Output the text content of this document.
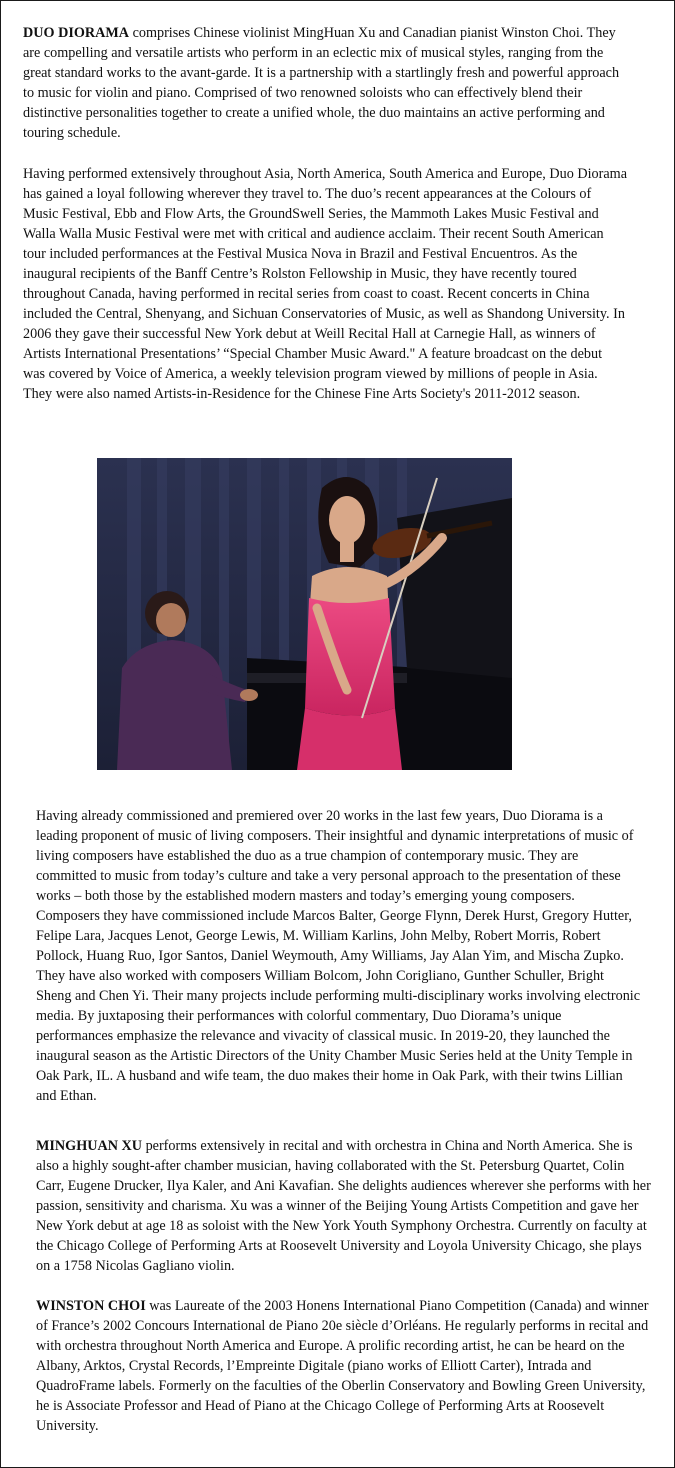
DUO DIORAMA comprises Chinese violinist MingHuan Xu and Canadian pianist Winston Choi. They are compelling and versatile artists who perform in an eclectic mix of musical styles, ranging from the great standard works to the avant-garde. It is a partnership with a startlingly fresh and powerful approach to music for violin and piano. Comprised of two renowned soloists who can effectively blend their distinctive personalities together to create a unified whole, the duo maintains an active performing and touring schedule.

Having performed extensively throughout Asia, North America, South America and Europe, Duo Diorama has gained a loyal following wherever they travel to. The duo’s recent appearances at the Colours of Music Festival, Ebb and Flow Arts, the GroundSwell Series, the Mammoth Lakes Music Festival and Walla Walla Music Festival were met with critical and audience acclaim. Their recent South American tour included performances at the Festival Musica Nova in Brazil and Festival Encuentros. As the inaugural recipients of the Banff Centre’s Rolston Fellowship in Music, they have recently toured throughout Canada, having performed in recital series from coast to coast. Recent concerts in China included the Central, Shenyang, and Sichuan Conservatories of Music, as well as Shandong University. In 2006 they gave their successful New York debut at Weill Recital Hall at Carnegie Hall, as winners of Artists International Presentations’ “Special Chamber Music Award." A feature broadcast on the debut was covered by Voice of America, a weekly television program viewed by millions of people in Asia. They were also named Artists-in-Residence for the Chinese Fine Arts Society's 2011-2012 season.

Having already commissioned and premiered over 20 works in the last few years, Duo Diorama is a leading proponent of music of living composers. Their insightful and dynamic interpretations of music of living composers have established the duo as a true champion of contemporary music. They are committed to music from today’s culture and take a very personal approach to the presentation of these works – both those by the established modern masters and today’s emerging young composers. Composers they have commissioned include Marcos Balter, George Flynn, Derek Hurst, Gregory Hutter, Felipe Lara, Jacques Lenot, George Lewis, M. William Karlins, John Melby, Robert Morris, Robert Pollock, Huang Ruo, Igor Santos, Daniel Weymouth, Amy Williams, Jay Alan Yim, and Mischa Zupko. They have also worked with composers William Bolcom, John Corigliano, Gunther Schuller, Bright Sheng and Chen Yi. Their many projects include performing multi-disciplinary works involving electronic media. By juxtaposing their performances with colorful commentary, Duo Diorama’s unique performances emphasize the relevance and vivacity of classical music. In 2019-20, they launched the inaugural season as the Artistic Directors of the Unity Chamber Music Series held at the Unity Temple in Oak Park, IL. A husband and wife team, the duo makes their home in Oak Park, with their twins Lillian and Ethan.

MINGHUAN XU performs extensively in recital and with orchestra in China and North America. She is also a highly sought-after chamber musician, having collaborated with the St. Petersburg Quartet, Colin Carr, Eugene Drucker, Ilya Kaler, and Ani Kavafian. She delights audiences wherever she performs with her passion, sensitivity and charisma. Xu was a winner of the Beijing Young Artists Competition and gave her New York debut at age 18 as soloist with the New York Youth Symphony Orchestra. Currently on faculty at the Chicago College of Performing Arts at Roosevelt University and Loyola University Chicago, she plays on a 1758 Nicolas Gagliano violin.

WINSTON CHOI was Laureate of the 2003 Honens International Piano Competition (Canada) and winner of France’s 2002 Concours International de Piano 20e siècle d’Orléans. He regularly performs in recital and with orchestra throughout North America and Europe. A prolific recording artist, he can be heard on the Albany, Arktos, Crystal Records, l’Empreinte Digitale (piano works of Elliott Carter), Intrada and QuadroFrame labels. Formerly on the faculties of the Oberlin Conservatory and Bowling Green University, he is Associate Professor and Head of Piano at the Chicago College of Performing Arts at Roosevelt University.
